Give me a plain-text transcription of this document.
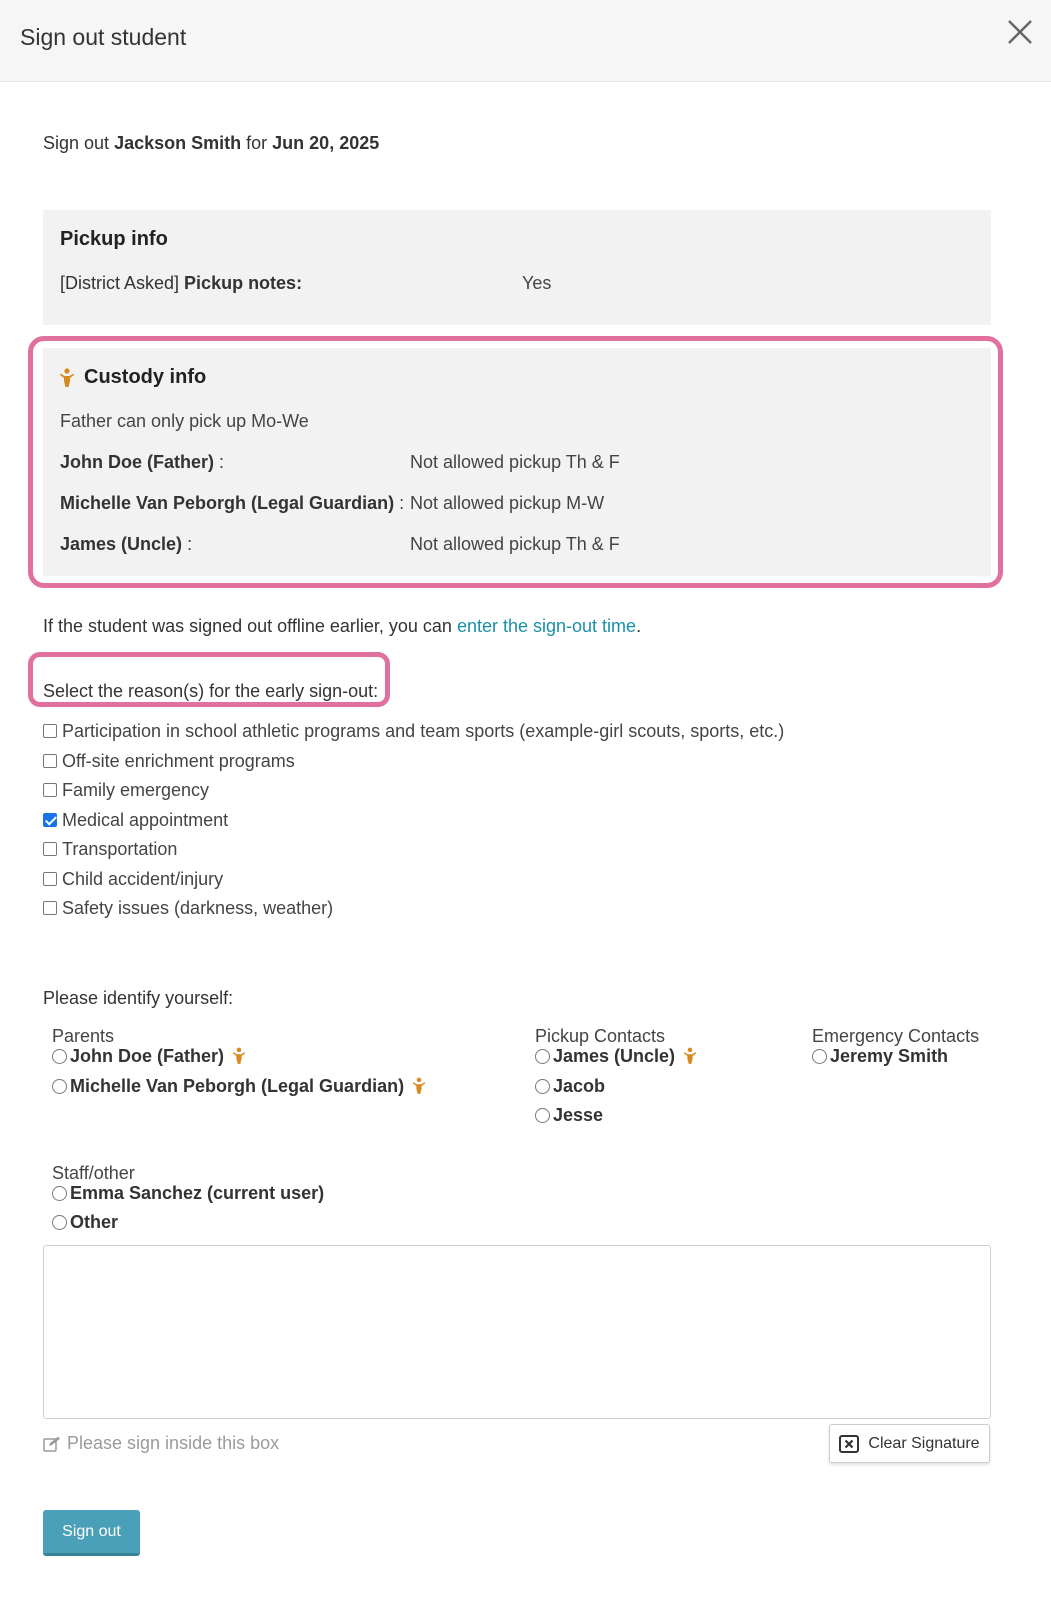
Sign out student
Sign out Jackson Smith for Jun 20, 2025
Pickup info
[District Asked] Pickup notes:	Yes
Custody info
Father can only pick up Mo-We
John Doe (Father) :	Not allowed pickup Th & F
Michelle Van Peborgh (Legal Guardian) : Not allowed pickup M-W
James (Uncle) :	Not allowed pickup Th & F
If the student was signed out offline earlier, you can enter the sign-out time.
Select the reason(s) for the early sign-out:
Participation in school athletic programs and team sports (example-girl scouts, sports, etc.)
Off-site enrichment programs
Family emergency
Medical appointment
Transportation
Child accident/injury
Safety issues (darkness, weather)
Please identify yourself:
Parents
John Doe (Father)
Michelle Van Peborgh (Legal Guardian)
Pickup Contacts
James (Uncle)
Jacob
Jesse
Emergency Contacts
Jeremy Smith
Staff/other
Emma Sanchez (current user)
Other
Please sign inside this box	Clear Signature
Sign out
